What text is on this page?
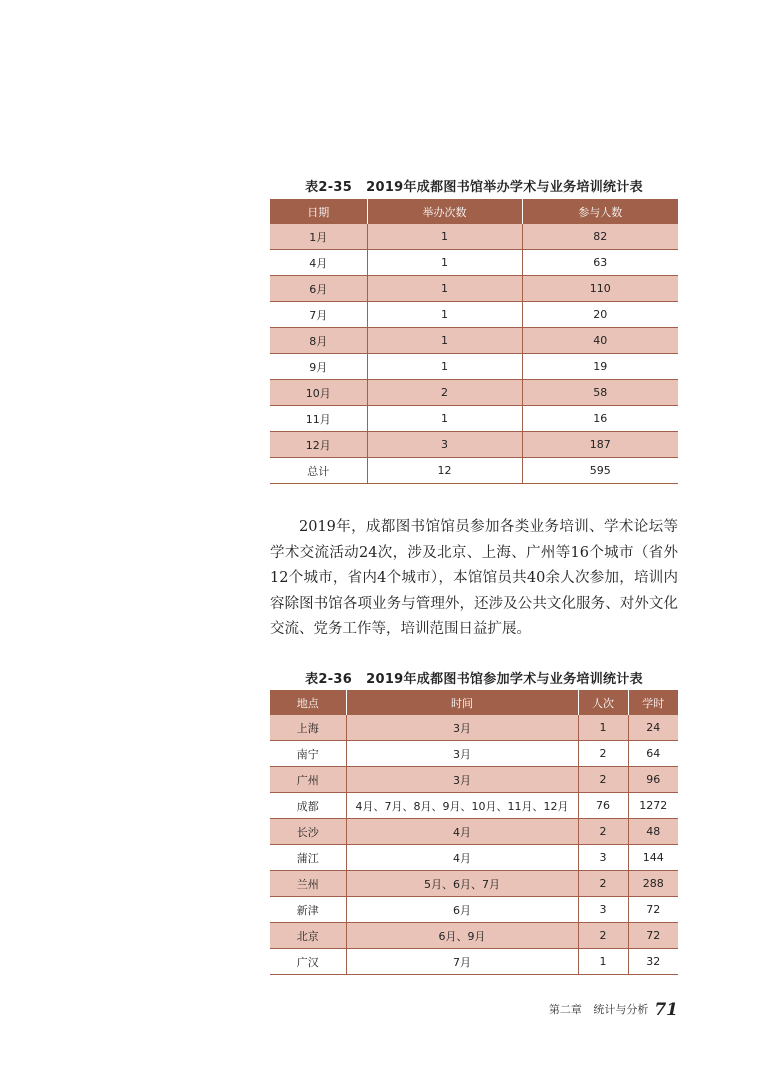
表2-35 2019年成都图书馆举办学术与业务培训统计表
日期	举办次数	参与人数
1月	1	82
4月	1	63
6月	1	110
7月	1	20
8月	1	40
9月	1	19
10月	2	58
11月	1	16
12月	3	187
总计	12	595

2019年，成都图书馆馆员参加各类业务培训、学术论坛等学术交流活动24次，涉及北京、上海、广州等16个城市（省外12个城市，省内4个城市），本馆馆员共40余人次参加，培训内容除图书馆各项业务与管理外，还涉及公共文化服务、对外文化交流、党务工作等，培训范围日益扩展。

表2-36 2019年成都图书馆参加学术与业务培训统计表
地点	时间	人次	学时
上海	3月	1	24
南宁	3月	2	64
广州	3月	2	96
成都	4月、7月、8月、9月、10月、11月、12月	76	1272
长沙	4月	2	48
蒲江	4月	3	144
兰州	5月、6月、7月	2	288
新津	6月	3	72
北京	6月、9月	2	72
广汉	7月	1	32
第二章 统计与分析 71
